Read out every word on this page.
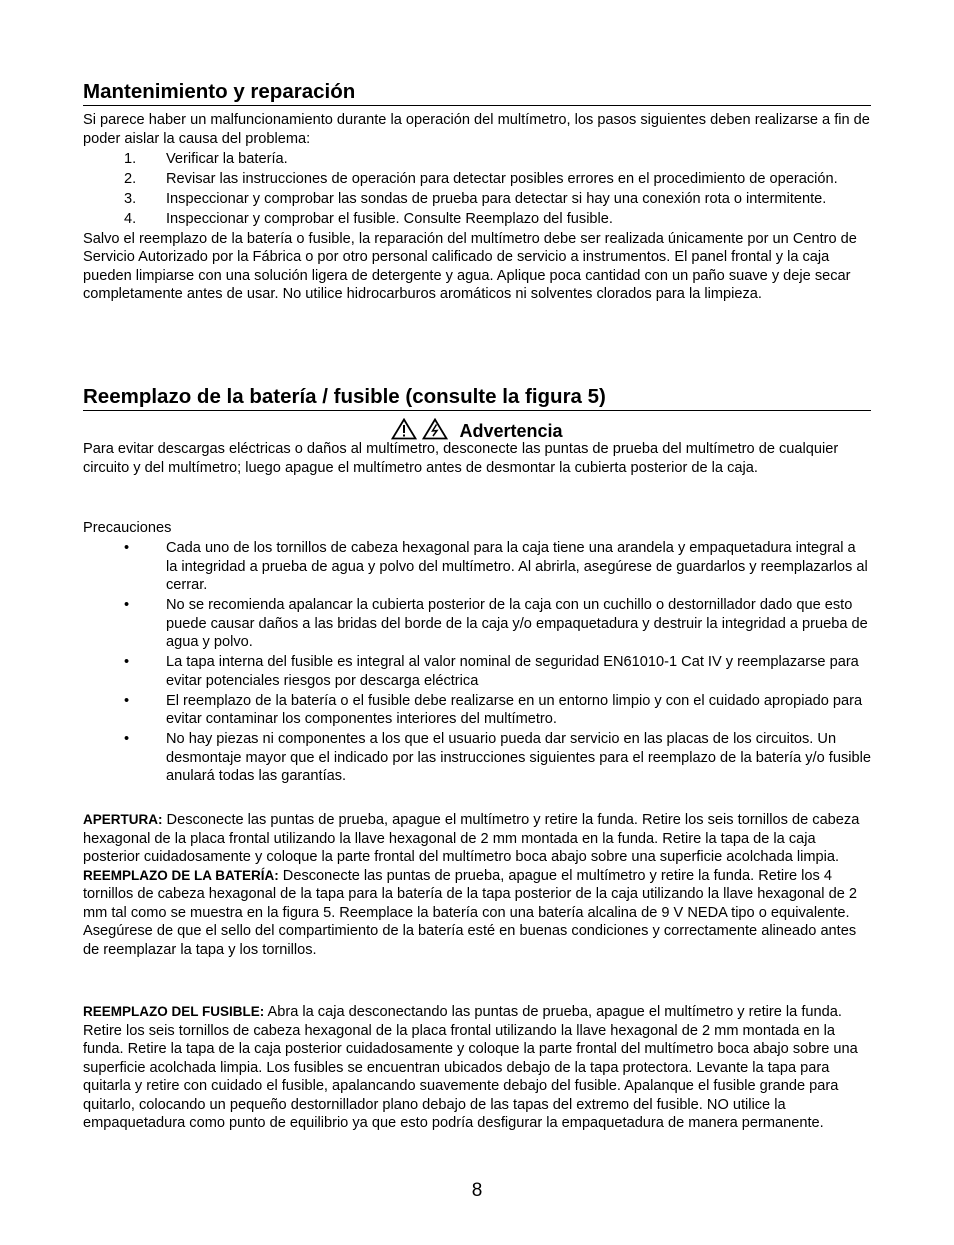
Mantenimiento y reparación

Si parece haber un malfuncionamiento durante la operación del multímetro, los pasos siguientes deben realizarse a fin de poder aislar la causa del problema:

1. Verificar la batería.
2. Revisar las instrucciones de operación para detectar posibles errores en el procedimiento de operación.
3. Inspeccionar y comprobar las sondas de prueba para detectar si hay una conexión rota o intermitente.
4. Inspeccionar y comprobar el fusible. Consulte Reemplazo del fusible.

Salvo el reemplazo de la batería o fusible, la reparación del multímetro debe ser realizada únicamente por un Centro de Servicio Autorizado por la Fábrica o por otro personal calificado de servicio a instrumentos. El panel frontal y la caja pueden limpiarse con una solución ligera de detergente y agua. Aplique poca cantidad con un paño suave y deje secar completamente antes de usar. No utilice hidrocarburos aromáticos ni solventes clorados para la limpieza.

Reemplazo de la batería / fusible (consulte la figura 5)
Advertencia

Para evitar descargas eléctricas o daños al multímetro, desconecte las puntas de prueba del multímetro de cualquier circuito y del multímetro; luego apague el multímetro antes de desmontar la cubierta posterior de la caja.

Precauciones

•	Cada uno de los tornillos de cabeza hexagonal para la caja tiene una arandela y empaquetadura integral a la integridad a prueba de agua y polvo del multímetro. Al abrirla, asegúrese de guardarlos y reemplazarlos al cerrar.
•	No se recomienda apalancar la cubierta posterior de la caja con un cuchillo o destornillador dado que esto puede causar daños a las bridas del borde de la caja y/o empaquetadura y destruir la integridad a prueba de agua y polvo.
•	La tapa interna del fusible es integral al valor nominal de seguridad EN61010-1 Cat IV y reemplazarse para evitar potenciales riesgos por descarga eléctrica
•	El reemplazo de la batería o el fusible debe realizarse en un entorno limpio y con el cuidado apropiado para evitar contaminar los componentes interiores del multímetro.
•	No hay piezas ni componentes a los que el usuario pueda dar servicio en las placas de los circuitos. Un desmontaje mayor que el indicado por las instrucciones siguientes para el reemplazo de la batería y/o fusible anulará todas las garantías.

APERTURA: Desconecte las puntas de prueba, apague el multímetro y retire la funda. Retire los seis tornillos de cabeza hexagonal de la placa frontal utilizando la llave hexagonal de 2 mm montada en la funda. Retire la tapa de la caja posterior cuidadosamente y coloque la parte frontal del multímetro boca abajo sobre una superficie acolchada limpia.

REEMPLAZO DE LA BATERÍA: Desconecte las puntas de prueba, apague el multímetro y retire la funda. Retire los 4 tornillos de cabeza hexagonal de la tapa para la batería de la tapa posterior de la caja utilizando la llave hexagonal de 2 mm tal como se muestra en la figura 5. Reemplace la batería con una batería alcalina de 9 V NEDA tipo o equivalente. Asegúrese de que el sello del compartimiento de la batería esté en buenas condiciones y correctamente alineado antes de reemplazar la tapa y los tornillos.

REEMPLAZO DEL FUSIBLE: Abra la caja desconectando las puntas de prueba, apague el multímetro y retire la funda. Retire los seis tornillos de cabeza hexagonal de la placa frontal utilizando la llave hexagonal de 2 mm montada en la funda. Retire la tapa de la caja posterior cuidadosamente y coloque la parte frontal del multímetro boca abajo sobre una superficie acolchada limpia. Los fusibles se encuentran ubicados debajo de la tapa protectora. Levante la tapa para quitarla y retire con cuidado el fusible, apalancando suavemente debajo del fusible. Apalanque el fusible grande para quitarlo, colocando un pequeño destornillador plano debajo de las tapas del extremo del fusible. NO utilice la empaquetadura como punto de equilibrio ya que esto podría desfigurar la empaquetadura de manera permanente.

8
